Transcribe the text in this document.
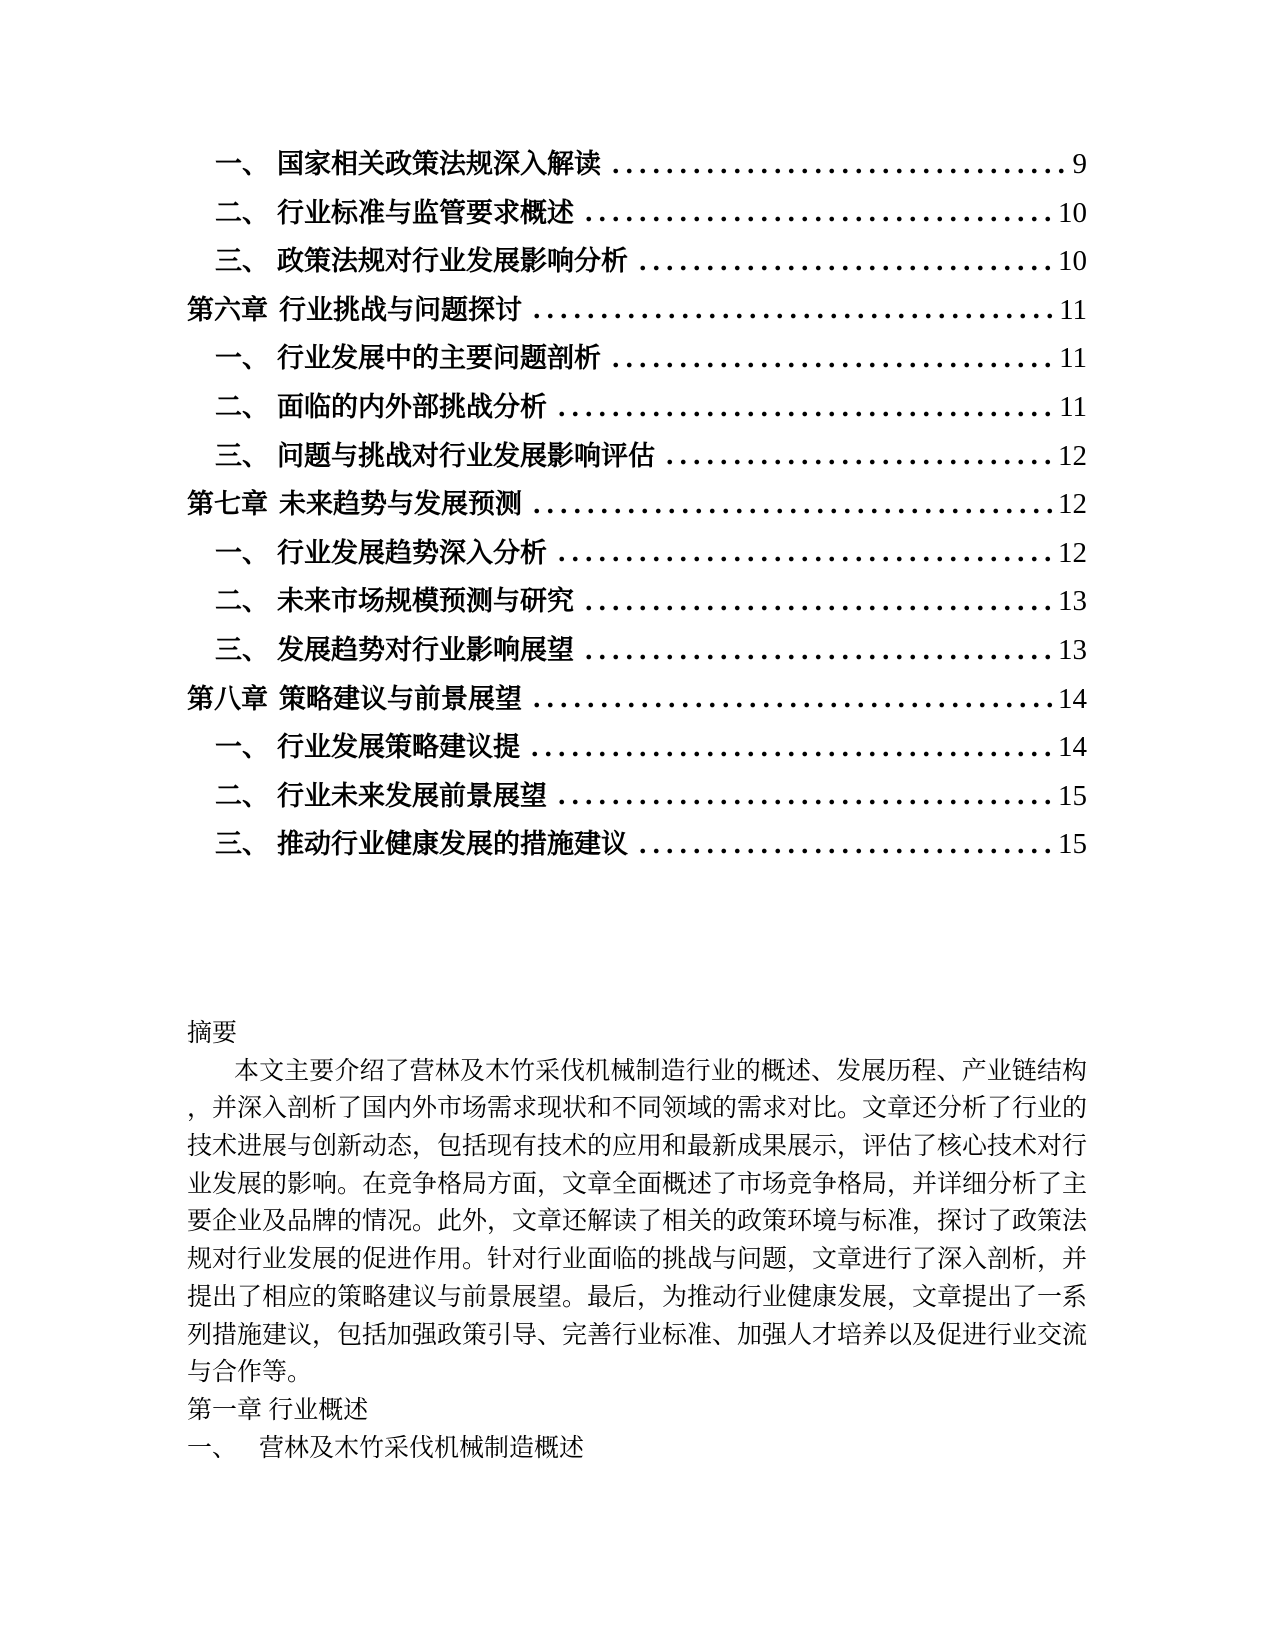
一、 国家相关政策法规深入解读	9
二、 行业标准与监管要求概述	10
三、 政策法规对行业发展影响分析	10
第六章 行业挑战与问题探讨	11
一、 行业发展中的主要问题剖析	11
二、 面临的内外部挑战分析	11
三、 问题与挑战对行业发展影响评估	12
第七章 未来趋势与发展预测	12
一、 行业发展趋势深入分析	12
二、 未来市场规模预测与研究	13
三、 发展趋势对行业影响展望	13
第八章 策略建议与前景展望	14
一、 行业发展策略建议提	14
二、 行业未来发展前景展望	15
三、 推动行业健康发展的措施建议	15
摘要
本文主要介绍了营林及木竹采伐机械制造行业的概述、发展历程、产业链结构
，并深入剖析了国内外市场需求现状和不同领域的需求对比。文章还分析了行业的
技术进展与创新动态，包括现有技术的应用和最新成果展示，评估了核心技术对行
业发展的影响。在竞争格局方面，文章全面概述了市场竞争格局，并详细分析了主
要企业及品牌的情况。此外，文章还解读了相关的政策环境与标准，探讨了政策法
规对行业发展的促进作用。针对行业面临的挑战与问题，文章进行了深入剖析，并
提出了相应的策略建议与前景展望。最后，为推动行业健康发展，文章提出了一系
列措施建议，包括加强政策引导、完善行业标准、加强人才培养以及促进行业交流
与合作等。
第一章 行业概述
一、 营林及木竹采伐机械制造概述
